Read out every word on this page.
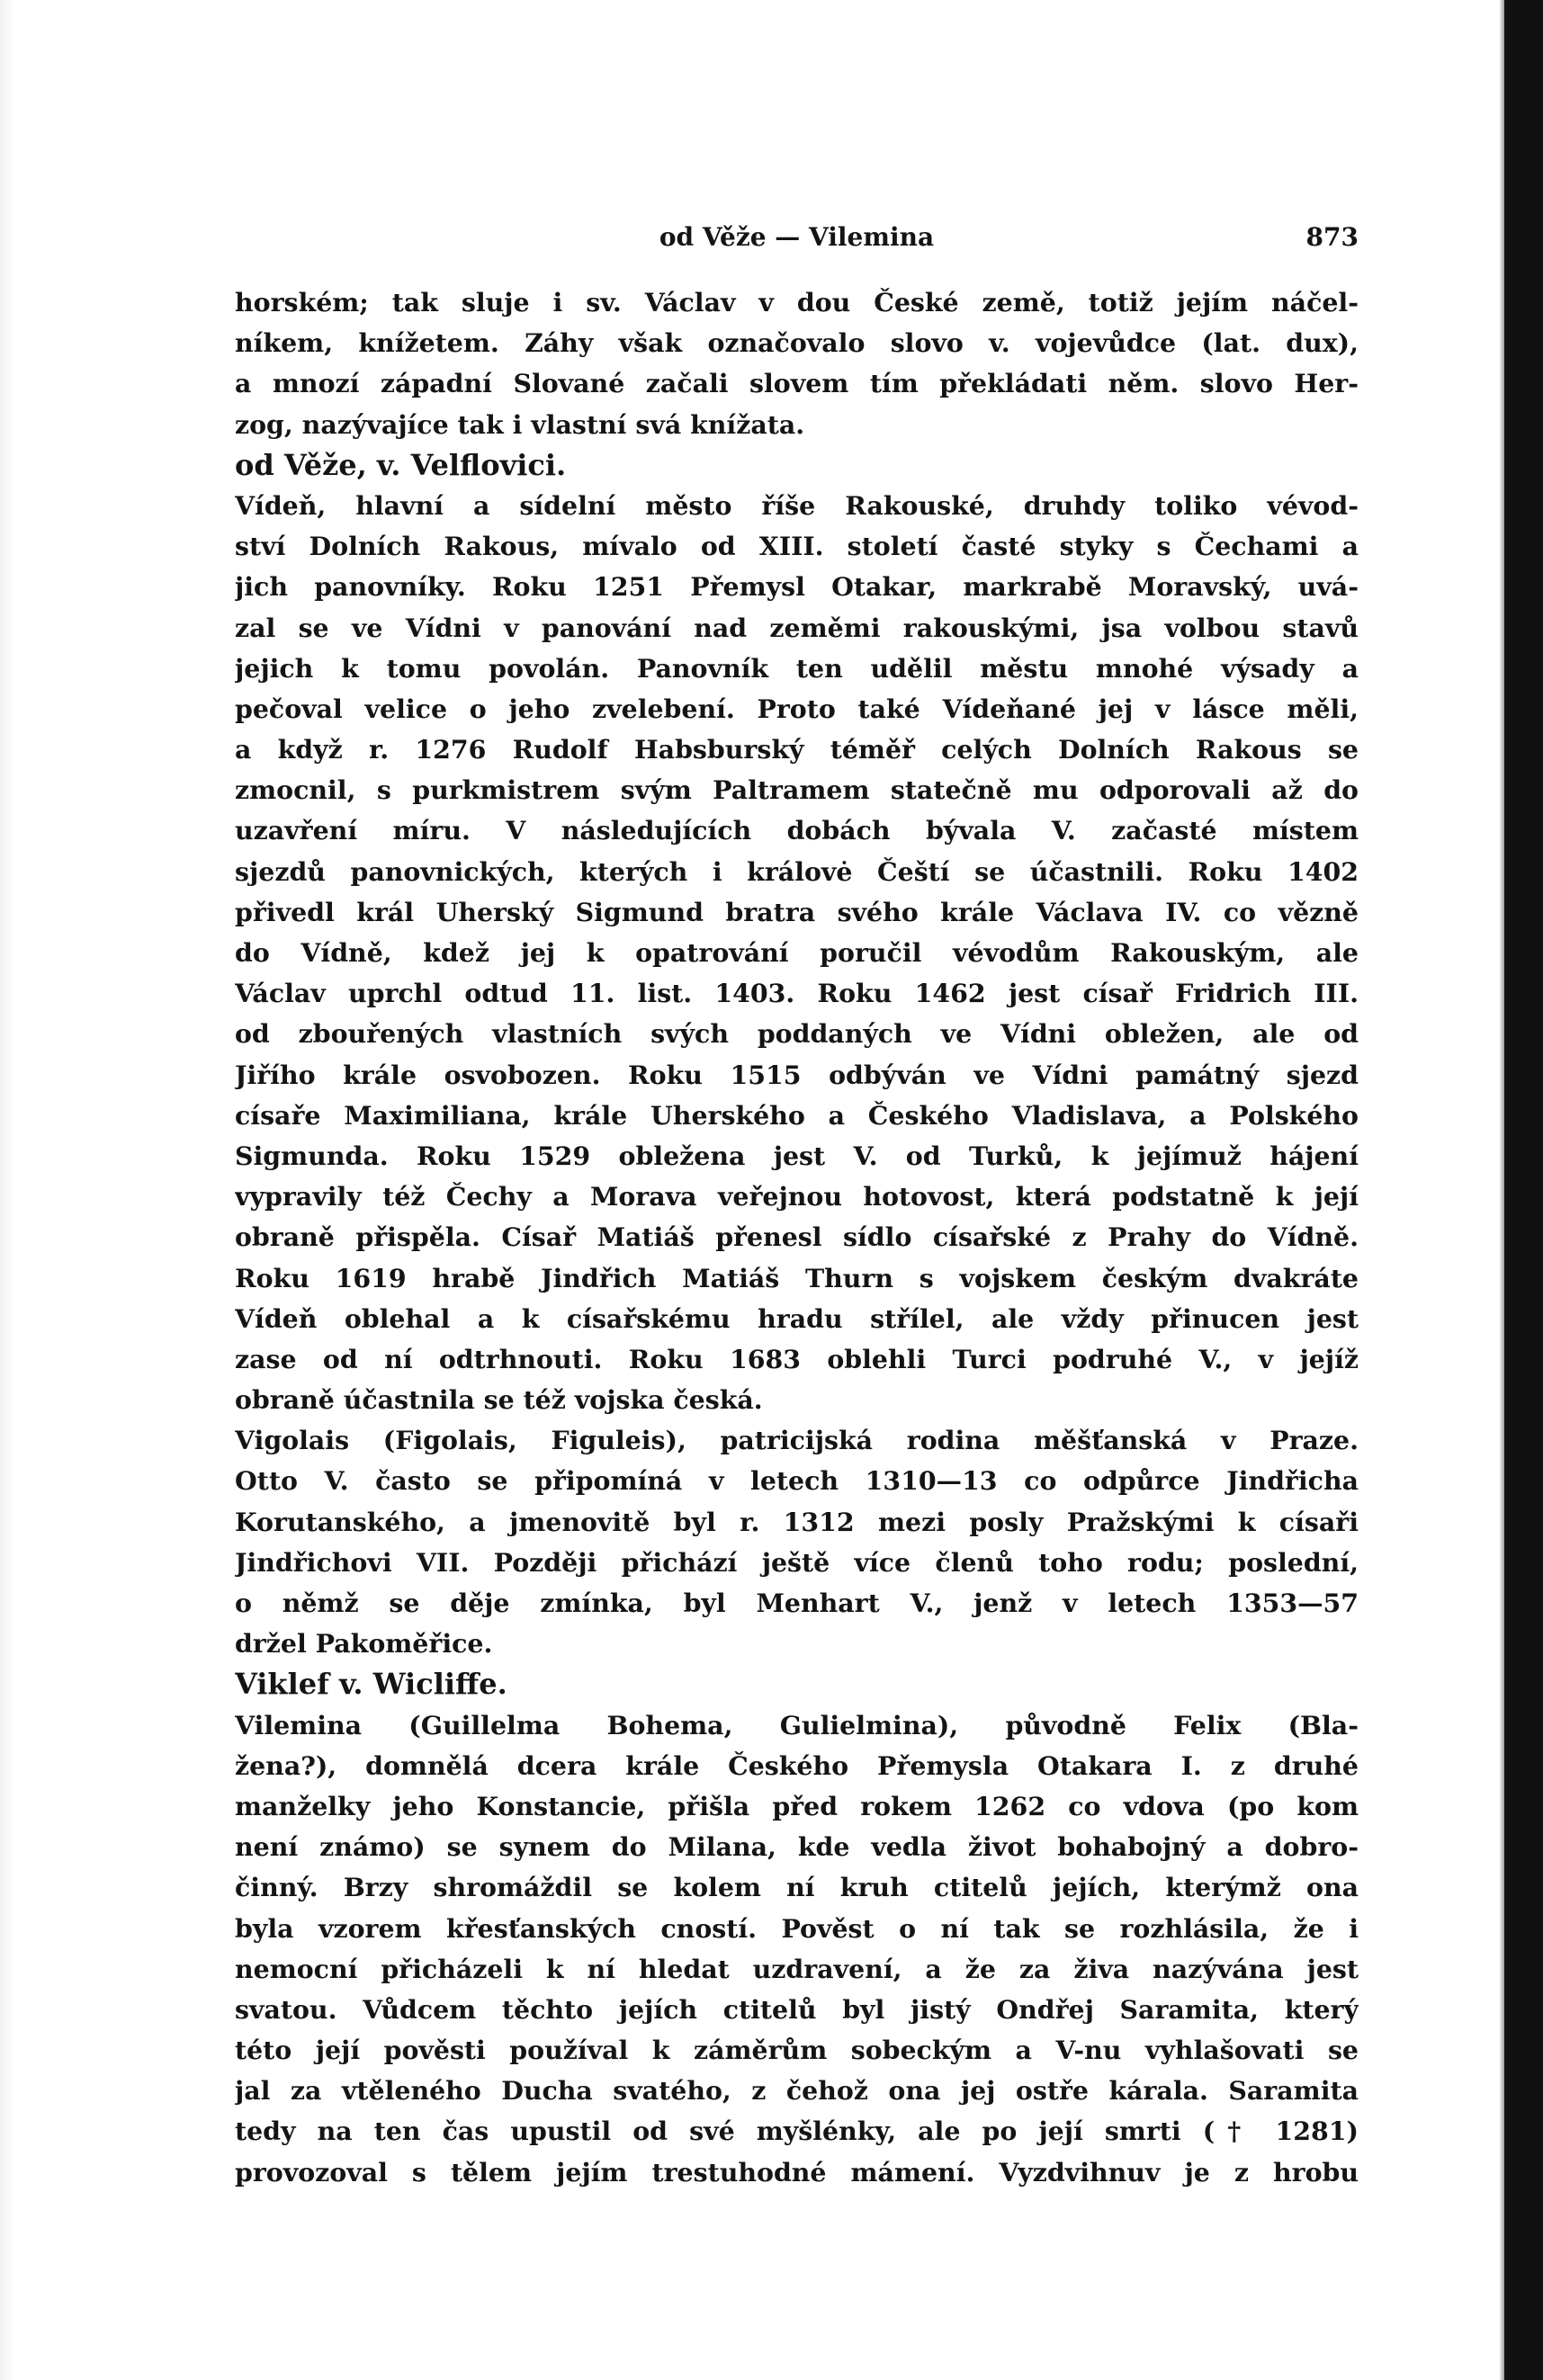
od Věže — Vilemina	873
horském; tak sluje i sv. Václav v dou České země, totiž jejím náčel-
níkem, knížetem. Záhy však označovalo slovo v. vojevůdce (lat. dux),
a mnozí západní Slované začali slovem tím překládati něm. slovo Her-
zog, nazývajíce tak i vlastní svá knížata.
od Věže, v. Velflovici.
Vídeň, hlavní a sídelní město říše Rakouské, druhdy toliko vévod-
ství Dolních Rakous, mívalo od XIII. století časté styky s Čechami a
jich panovníky. Roku 1251 Přemysl Otakar, markrabě Moravský, uvá-
zal se ve Vídni v panování nad zeměmi rakouskými, jsa volbou stavů
jejich k tomu povolán. Panovník ten udělil městu mnohé výsady a
pečoval velice o jeho zvelebení. Proto také Vídeňané jej v lásce měli,
a když r. 1276 Rudolf Habsburský téměř celých Dolních Rakous se
zmocnil, s purkmistrem svým Paltramem statečně mu odporovali až do
uzavření míru. V následujících dobách bývala V. začasté místem
sjezdů panovnických, kterých i královė Čeští se účastnili. Roku 1402
přivedl král Uherský Sigmund bratra svého krále Václava IV. co vězně
do Vídně, kdež jej k opatrování poručil vévodům Rakouským, ale
Václav uprchl odtud 11. list. 1403. Roku 1462 jest císař Fridrich III.
od zbouřených vlastních svých poddaných ve Vídni obležen, ale od
Jiřího krále osvobozen. Roku 1515 odbýván ve Vídni památný sjezd
císaře Maximiliana, krále Uherského a Českého Vladislava, a Polského
Sigmunda. Roku 1529 obležena jest V. od Turků, k jejímuž hájení
vypravily též Čechy a Morava veřejnou hotovost, která podstatně k její
obraně přispěla. Císař Matiáš přenesl sídlo císařské z Prahy do Vídně.
Roku 1619 hrabě Jindřich Matiáš Thurn s vojskem českým dvakráte
Vídeň oblehal a k císařskému hradu střílel, ale vždy přinucen jest
zase od ní odtrhnouti. Roku 1683 oblehli Turci podruhé V., v jejíž
obraně účastnila se též vojska česká.
Vigolais (Figolais, Figuleis), patricijská rodina měšťanská v Praze.
Otto V. často se připomíná v letech 1310—13 co odpůrce Jindřicha
Korutanského, a jmenovitě byl r. 1312 mezi posly Pražskými k císaři
Jindřichovi VII. Později přichází ještě více členů toho rodu; poslední,
o němž se děje zmínka, byl Menhart V., jenž v letech 1353—57
držel Pakoměřice.
Viklef v. Wicliffe.
Vilemina (Guillelma Bohema, Gulielmina), původně Felix (Bla-
žena?), domnělá dcera krále Českého Přemysla Otakara I. z druhé
manželky jeho Konstancie, přišla před rokem 1262 co vdova (po kom
není známo) se synem do Milana, kde vedla život bohabojný a dobro-
činný. Brzy shromáždil se kolem ní kruh ctitelů jejích, kterýmž ona
byla vzorem křesťanských cností. Pověst o ní tak se rozhlásila, že i
nemocní přicházeli k ní hledat uzdravení, a že za živa nazývána jest
svatou. Vůdcem těchto jejích ctitelů byl jistý Ondřej Saramita, který
této její pověsti používal k záměrům sobeckým a V-nu vyhlašovati se
jal za vtěleného Ducha svatého, z čehož ona jej ostře kárala. Saramita
tedy na ten čas upustil od své myšlénky, ale po její smrti († 1281)
provozoval s tělem jejím trestuhodné mámení. Vyzdvihnuv je z hrobu
